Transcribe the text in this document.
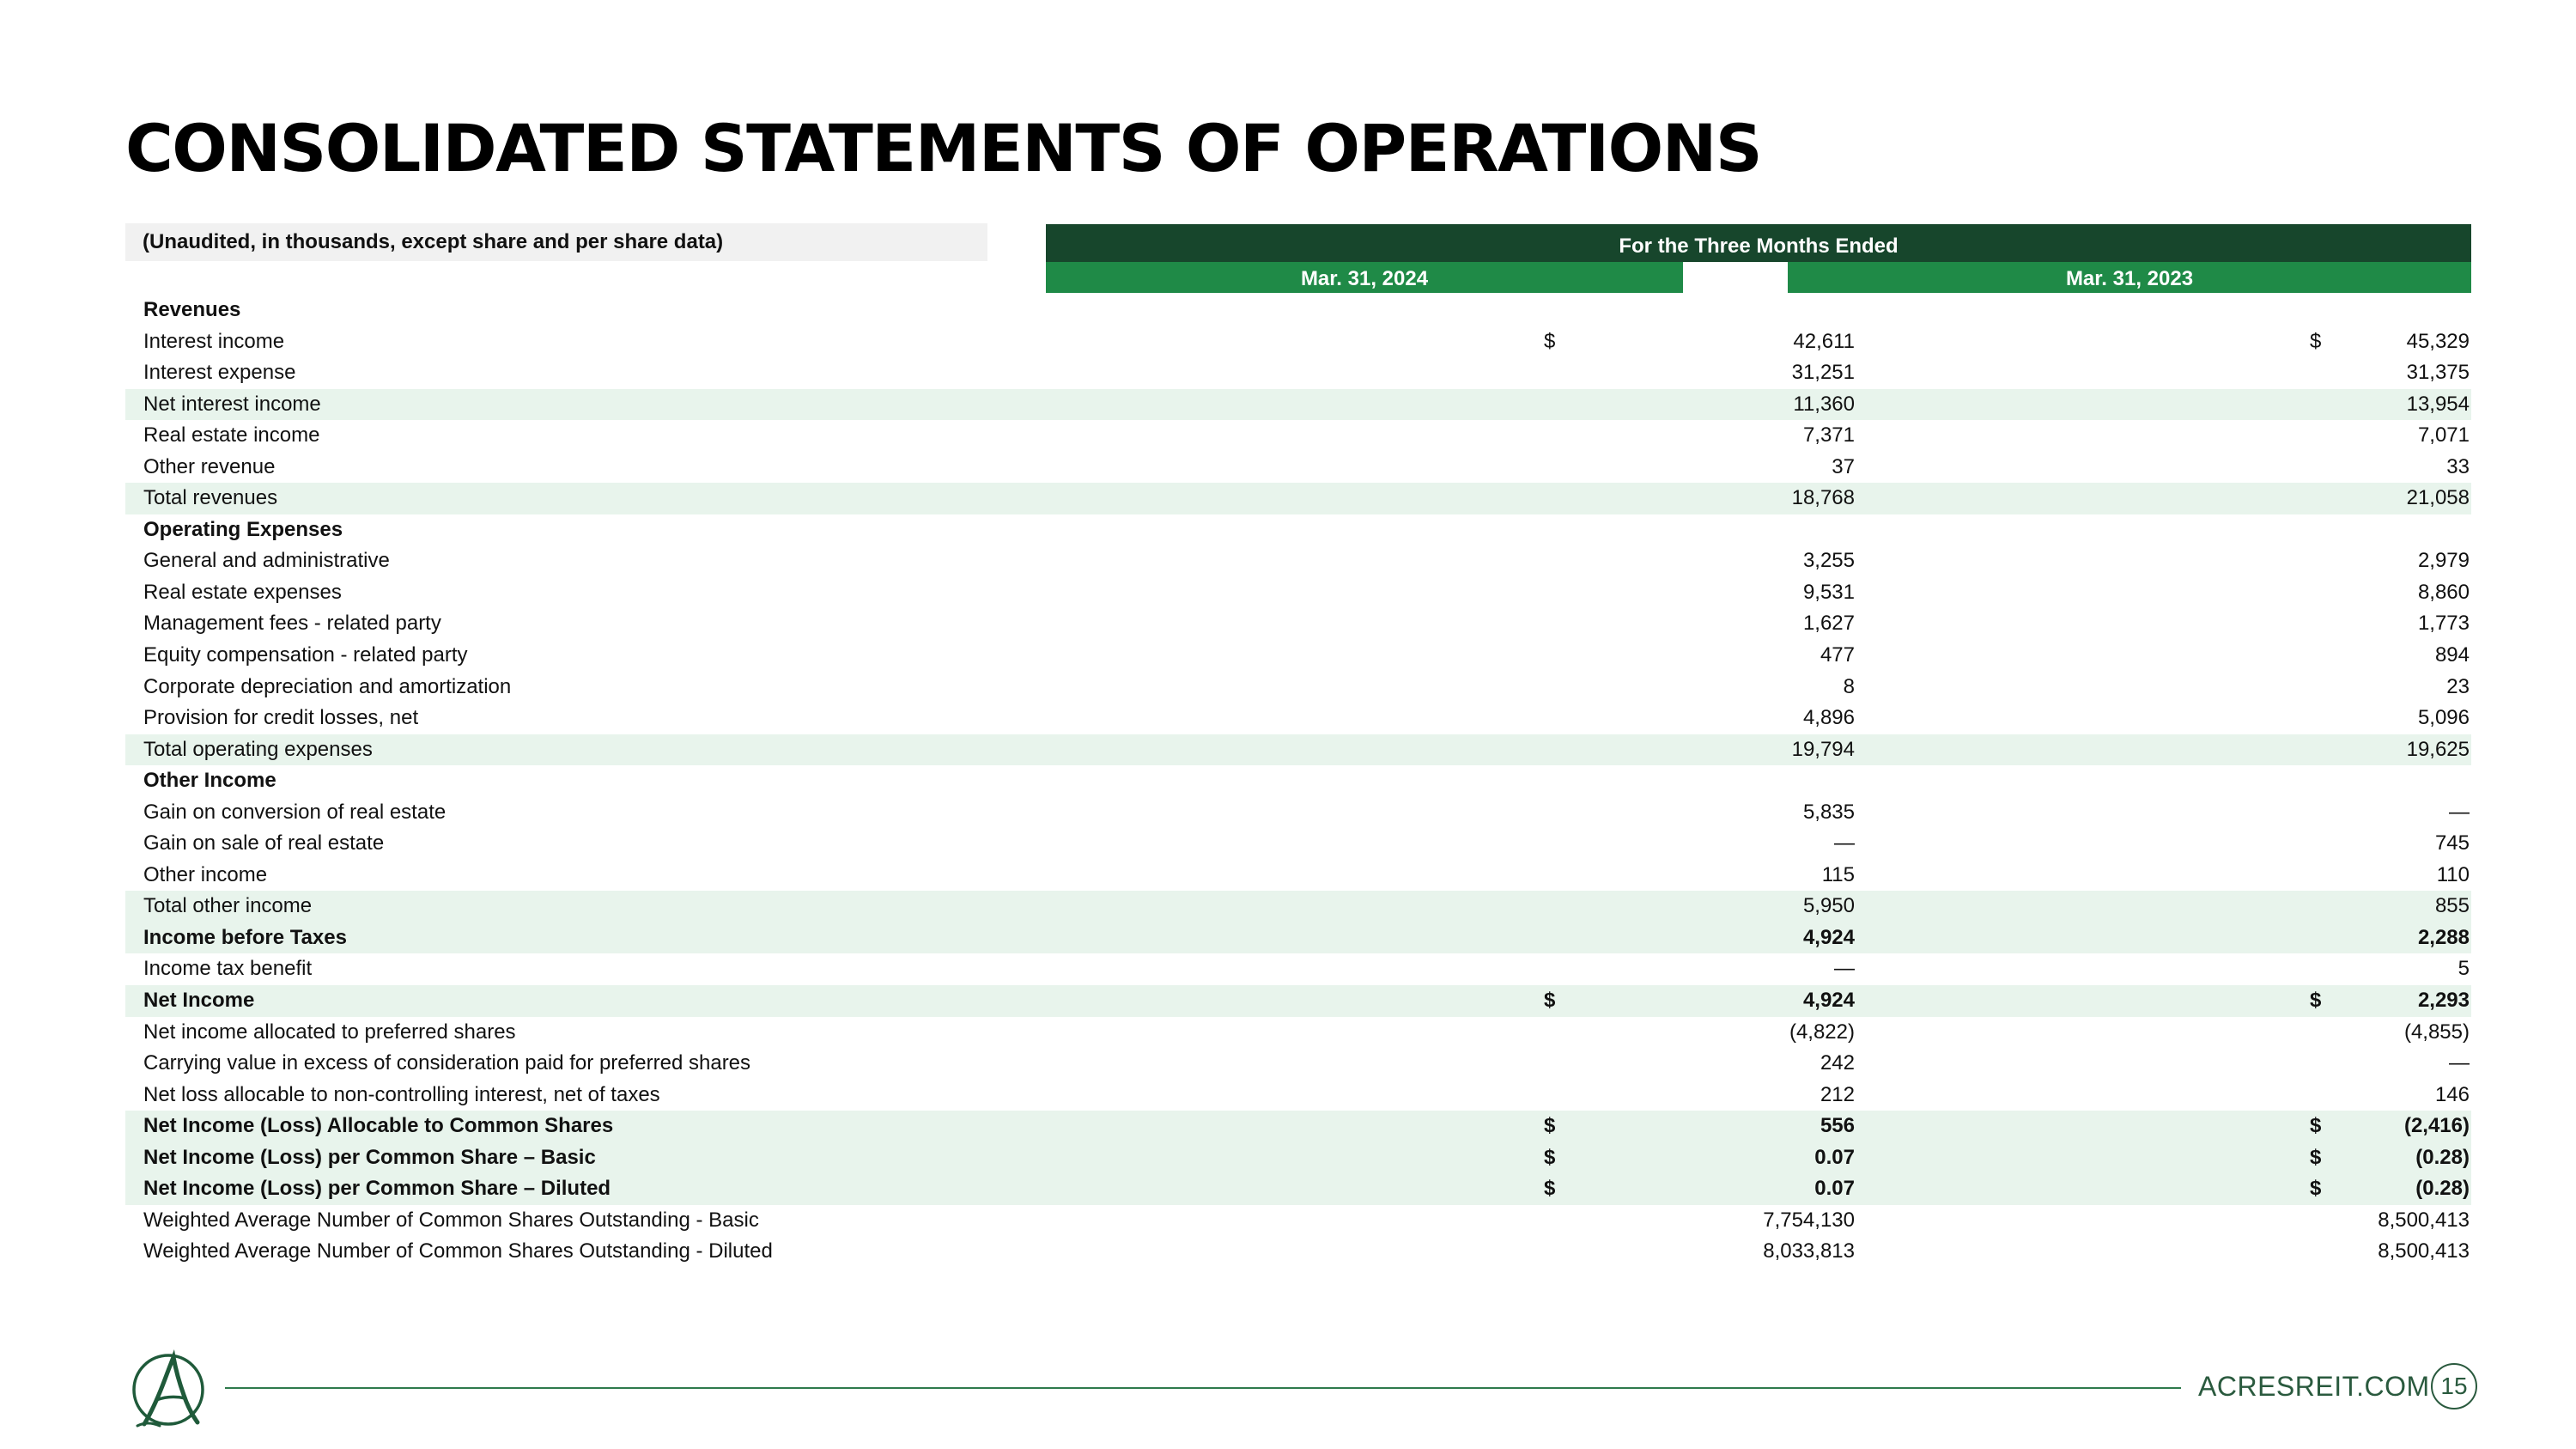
CONSOLIDATED STATEMENTS OF OPERATIONS
(Unaudited, in thousands, except share and per share data)	For the Three Months Ended
Mar. 31, 2024	Mar. 31, 2023
Revenues
Interest income	$	42,611	$	45,329
Interest expense	31,251	31,375
Net interest income	11,360	13,954
Real estate income	7,371	7,071
Other revenue	37	33
Total revenues	18,768	21,058
Operating Expenses
General and administrative	3,255	2,979
Real estate expenses	9,531	8,860
Management fees - related party	1,627	1,773
Equity compensation - related party	477	894
Corporate depreciation and amortization	8	23
Provision for credit losses, net	4,896	5,096
Total operating expenses	19,794	19,625
Other Income
Gain on conversion of real estate	5,835	—
Gain on sale of real estate	—	745
Other income	115	110
Total other income	5,950	855
Income before Taxes	4,924	2,288
Income tax benefit	—	5
Net Income	$	4,924	$	2,293
Net income allocated to preferred shares	(4,822)	(4,855)
Carrying value in excess of consideration paid for preferred shares	242	—
Net loss allocable to non-controlling interest, net of taxes	212	146
Net Income (Loss) Allocable to Common Shares	$	556	$	(2,416)
Net Income (Loss) per Common Share – Basic	$	0.07	$	(0.28)
Net Income (Loss) per Common Share – Diluted	$	0.07	$	(0.28)
Weighted Average Number of Common Shares Outstanding - Basic	7,754,130	8,500,413
Weighted Average Number of Common Shares Outstanding - Diluted	8,033,813	8,500,413
ACRESREIT.COM 15
